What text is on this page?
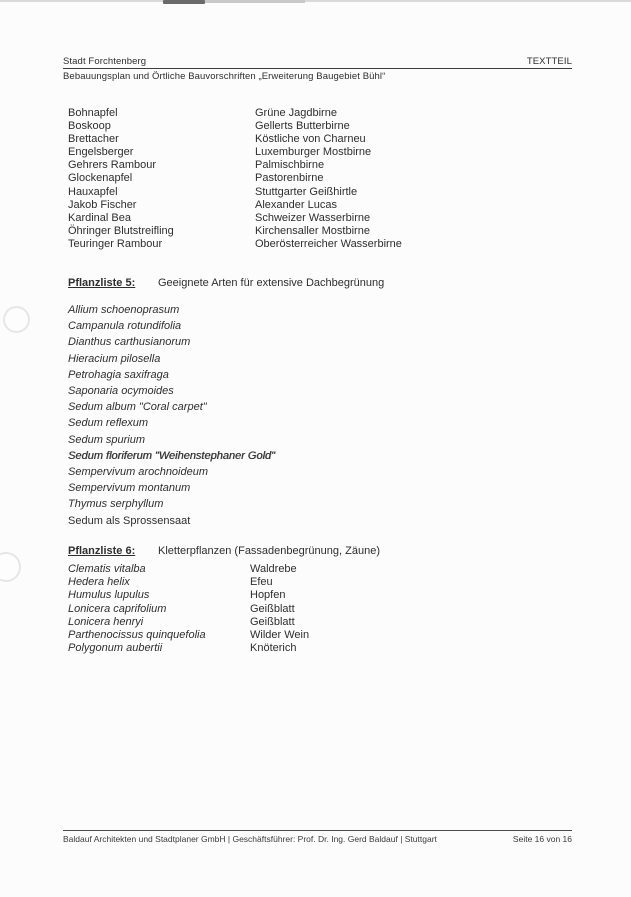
Stadt Forchtenberg	TEXTTEIL
Bebauungsplan und Örtliche Bauvorschriften „Erweiterung Baugebiet Bühl“
Bohnapfel	Grüne Jagdbirne
Boskoop	Gellerts Butterbirne
Brettacher	Köstliche von Charneu
Engelsberger	Luxemburger Mostbirne
Gehrers Rambour	Palmischbirne
Glockenapfel	Pastorenbirne
Hauxapfel	Stuttgarter Geißhirtle
Jakob Fischer	Alexander Lucas
Kardinal Bea	Schweizer Wasserbirne
Öhringer Blutstreifling	Kirchensaller Mostbirne
Teuringer Rambour	Oberösterreicher Wasserbirne
Pflanzliste 5: Geeignete Arten für extensive Dachbegrünung
Allium schoenoprasum
Campanula rotundifolia
Dianthus carthusianorum
Hieracium pilosella
Petrohagia saxifraga
Saponaria ocymoides
Sedum album "Coral carpet"
Sedum reflexum
Sedum spurium
Sedum floriferum "Weihenstephaner Gold"
Sempervivum arochnoideum
Sempervivum montanum
Thymus serphyllum
Sedum als Sprossensaat
Pflanzliste 6: Kletterpflanzen (Fassadenbegrünung, Zäune)
Clematis vitalba	Waldrebe
Hedera helix	Efeu
Humulus lupulus	Hopfen
Lonicera caprifolium	Geißblatt
Lonicera henryi	Geißblatt
Parthenocissus quinquefolia	Wilder Wein
Polygonum aubertii	Knöterich
Baldauf Architekten und Stadtplaner GmbH | Geschäftsführer: Prof. Dr. Ing. Gerd Baldauf | Stuttgart	Seite 16 von 16
